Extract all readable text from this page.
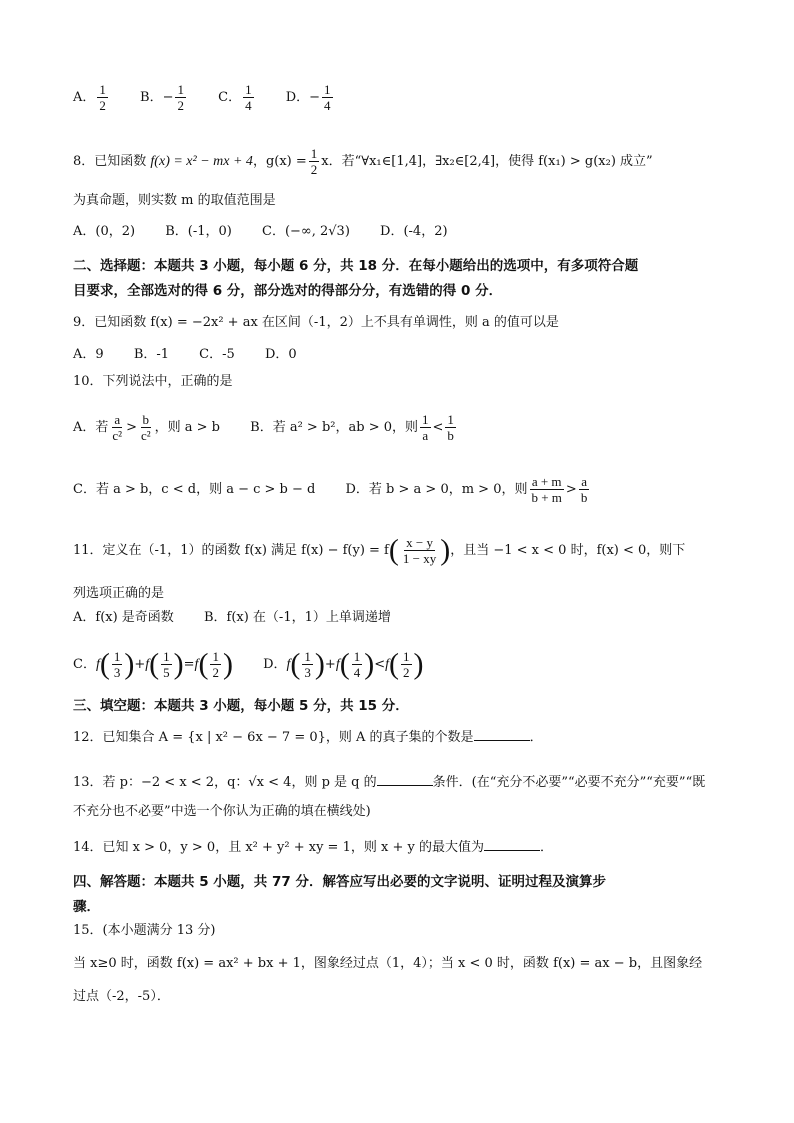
A． $\frac{1}{2}$ B．− $\frac{1}{2}$ C． $\frac{1}{4}$ D．− $\frac{1}{4}$
8．已知函数 f(x) = x² − mx + 4，$g(x) = \frac{1}{2}$ x．若“∀x₁∈[1,4]，∃x₂∈[2,4]，使得 f(x₁) > g(x₂) 成立”
为真命题，则实数 m 的取值范围是
A．(0，2) B．(-1，0) C．(−∞, 2√3) D．(-4，2)
二、选择题：本题共 3 小题，每小题 6 分，共 18 分．在每小题给出的选项中，有多项符合题
目要求，全部选对的得 6 分，部分选对的得部分分，有选错的得 0 分．
9．已知函数 f(x) = −2x² + ax 在区间（-1，2）上不具有单调性，则 a 的值可以是
A．9 B．-1 C．-5 D．0
10．下列说法中，正确的是
A．若 $\frac{a}{\text{c²}} > \frac{b}{\text{c²}}$ ，则 a > b B．若 a² > b²，ab > 0，则 $\frac{1}{a} < \frac{1}{b}$
C．若 a > b，c < d，则 a − c > b − d D．若 b > a > 0，m > 0，则 $\frac{a + m}{b + m} > \frac{a}{b}$
11．定义在（-1，1）的函数 f(x) 满足 $f(x) - f(y) = f( \frac{x - y}{1 - xy}$ )，且当 −1 < x < 0 时，f(x) < 0，则下
列选项正确的是
A．f(x) 是奇函数 B．f(x) 在（-1，1）上单调递增
C．$f( \frac{1}{3} )+f( \frac{1}{5} )=f( \frac{1}{2}$ ) D．$f( \frac{1}{3} )+f( \frac{1}{4} )<f( \frac{1}{2}$ )
三、填空题：本题共 3 小题，每小题 5 分，共 15 分．
12．已知集合 A = {x | x² − 6x − 7 = 0}，则 A 的真子集的个数是	．
13．若 p：−2 < x < 2，q：√x < 4，则 p 是 q 的	条件．(在“充分不必要”“必要不充分”“充要”“既
不充分也不必要”中选一个你认为正确的填在横线处)
14．已知 x > 0，y > 0，且 x² + y² + xy = 1，则 x + y 的最大值为	．
四、解答题：本题共 5 小题，共 77 分．解答应写出必要的文字说明、证明过程及演算步
骤．
15．(本小题满分 13 分)
当 x≥0 时，函数 f(x) = ax² + bx + 1，图象经过点（1，4）；当 x < 0 时，函数 f(x) = ax − b，且图象经
过点（-2，-5）．
